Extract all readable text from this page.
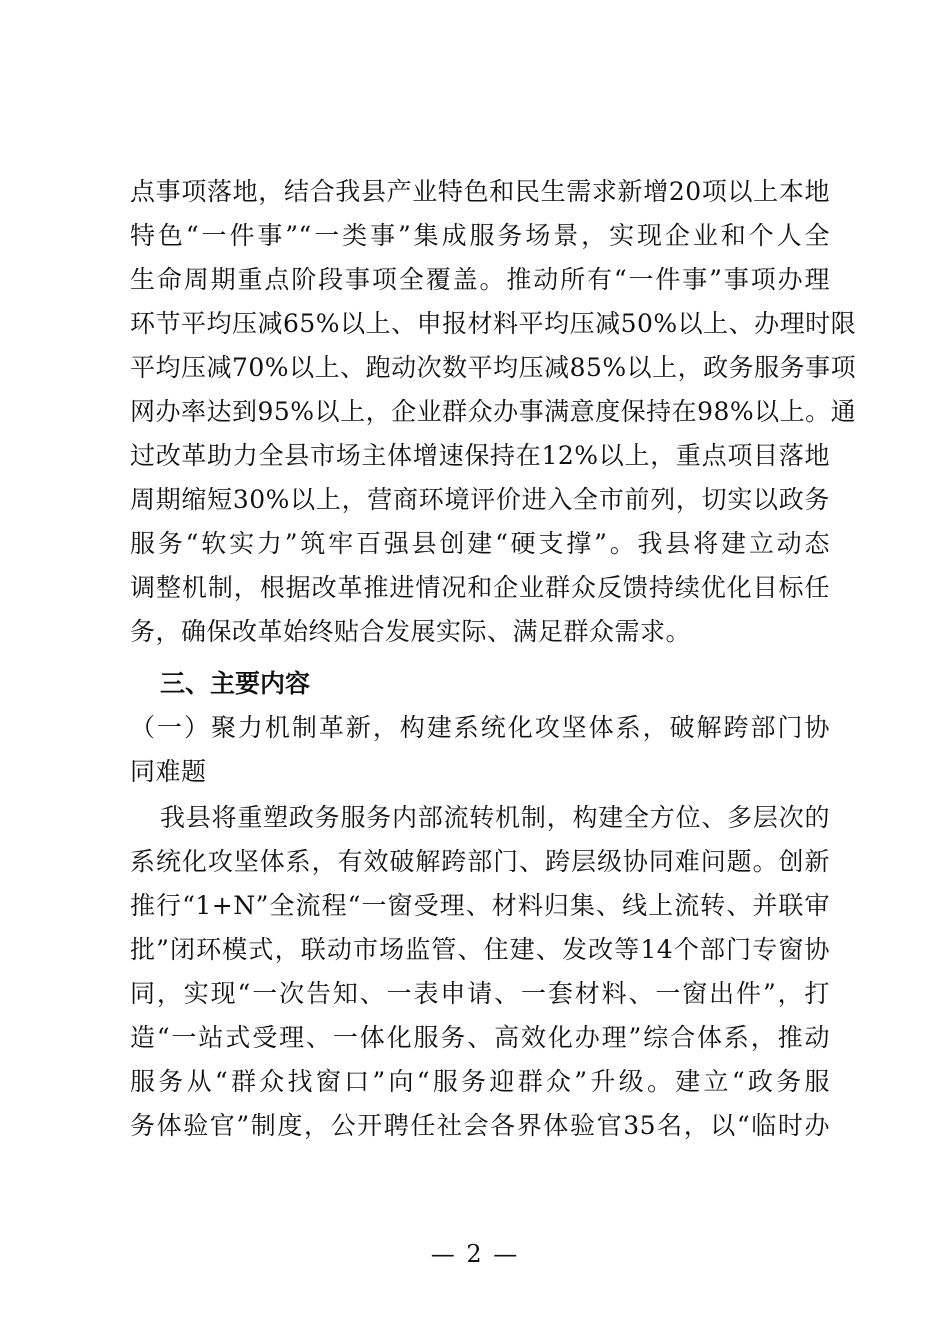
点事项落地，结合我县产业特色和民生需求新增20项以上本地
特色“一件事”“一类事”集成服务场景，实现企业和个人全
生命周期重点阶段事项全覆盖。推动所有“一件事”事项办理
环节平均压减65%以上、申报材料平均压减50%以上、办理时限
平均压减70%以上、跑动次数平均压减85%以上，政务服务事项
网办率达到95%以上，企业群众办事满意度保持在98%以上。通
过改革助力全县市场主体增速保持在12%以上，重点项目落地
周期缩短30%以上，营商环境评价进入全市前列，切实以政务
服务“软实力”筑牢百强县创建“硬支撑”。我县将建立动态
调整机制，根据改革推进情况和企业群众反馈持续优化目标任
务，确保改革始终贴合发展实际、满足群众需求。
三、主要内容
（一）聚力机制革新，构建系统化攻坚体系，破解跨部门协
同难题
我县将重塑政务服务内部流转机制，构建全方位、多层次的
系统化攻坚体系，有效破解跨部门、跨层级协同难问题。创新
推行“1+N”全流程“一窗受理、材料归集、线上流转、并联审
批”闭环模式，联动市场监管、住建、发改等14个部门专窗协
同，实现“一次告知、一表申请、一套材料、一窗出件”，打
造“一站式受理、一体化服务、高效化办理”综合体系，推动
服务从“群众找窗口”向“服务迎群众”升级。建立“政务服
务体验官”制度，公开聘任社会各界体验官35名，以“临时办
— 2 —
